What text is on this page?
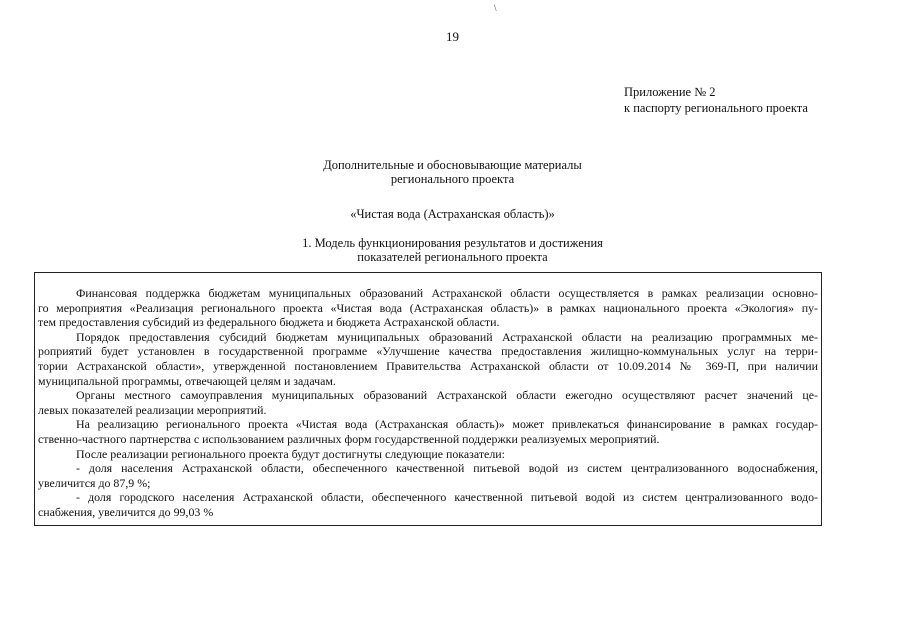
\
19
Приложение № 2
к паспорту регионального проекта
Дополнительные и обосновывающие материалы
регионального проекта
«Чистая вода (Астраханская область)»
1. Модель функционирования результатов и достижения
показателей регионального проекта
Финансовая поддержка бюджетам муниципальных образований Астраханской области осуществляется в рамках реализации основно-
го мероприятия «Реализация регионального проекта «Чистая вода (Астраханская область)» в рамках национального проекта «Экология» пу-
тем предоставления субсидий из федерального бюджета и бюджета Астраханской области.
Порядок предоставления субсидий бюджетам муниципальных образований Астраханской области на реализацию программных ме-
роприятий будет установлен в государственной программе «Улучшение качества предоставления жилищно-коммунальных услуг на терри-
тории Астраханской области», утвержденной постановлением Правительства Астраханской области от 10.09.2014 № 369-П, при наличии
муниципальной программы, отвечающей целям и задачам.
Органы местного самоуправления муниципальных образований Астраханской области ежегодно осуществляют расчет значений це-
левых показателей реализации мероприятий.
На реализацию регионального проекта «Чистая вода (Астраханская область)» может привлекаться финансирование в рамках государ-
ственно-частного партнерства с использованием различных форм государственной поддержки реализуемых мероприятий.
После реализации регионального проекта будут достигнуты следующие показатели:
- доля населения Астраханской области, обеспеченного качественной питьевой водой из систем централизованного водоснабжения,
увеличится до 87,9 %;
- доля городского населения Астраханской области, обеспеченного качественной питьевой водой из систем централизованного водо-
снабжения, увеличится до 99,03 %
